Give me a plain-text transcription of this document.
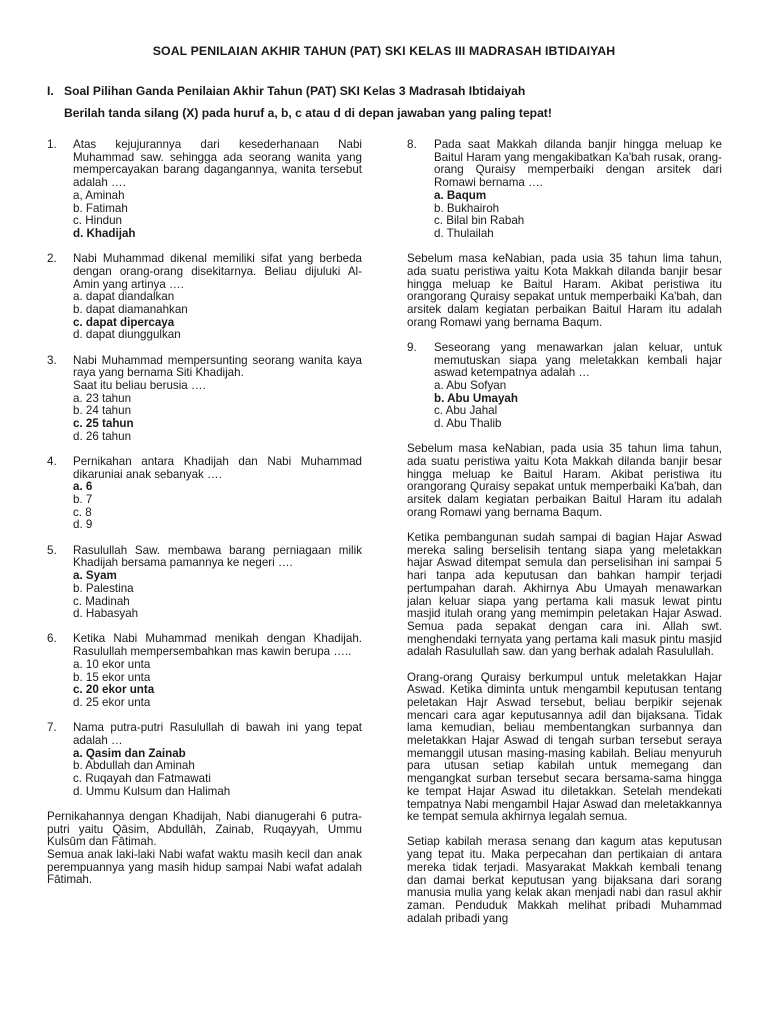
SOAL PENILAIAN AKHIR TAHUN (PAT) SKI KELAS III MADRASAH IBTIDAIYAH
I. Soal Pilihan Ganda Penilaian Akhir Tahun (PAT) SKI Kelas 3 Madrasah Ibtidaiyah
Berilah tanda silang (X) pada huruf a, b, c atau d di depan jawaban yang paling tepat!
1. Atas kejujurannya dari kesederhanaan Nabi Muhammad saw. sehingga ada seorang wanita yang mempercayakan barang dagangannya, wanita tersebut adalah ….
a, Aminah
b. Fatimah
c. Hindun
d. Khadijah
2. Nabi Muhammad dikenal memiliki sifat yang berbeda dengan orang-orang disekitarnya. Beliau dijuluki Al-Amin yang artinya ….
a. dapat diandalkan
b. dapat diamanahkan
c. dapat dipercaya
d. dapat diunggulkan
3. Nabi Muhammad mempersunting seorang wanita kaya raya yang bernama Siti Khadijah.
Saat itu beliau berusia ….
a. 23 tahun
b. 24 tahun
c. 25 tahun
d. 26 tahun
4. Pernikahan antara Khadijah dan Nabi Muhammad dikaruniai anak sebanyak ….
a. 6
b. 7
c. 8
d. 9
5. Rasulullah Saw. membawa barang perniagaan milik Khadijah bersama pamannya ke negeri ….
a. Syam
b. Palestina
c. Madinah
d. Habasyah
6. Ketika Nabi Muhammad menikah dengan Khadijah. Rasulullah mempersembahkan mas kawin berupa …..
a. 10 ekor unta
b. 15 ekor unta
c. 20 ekor unta
d. 25 ekor unta
7. Nama putra-putri Rasulullah di bawah ini yang tepat adalah …
a. Qasim dan Zainab
b. Abdullah dan Aminah
c. Ruqayah dan Fatmawati
d. Ummu Kulsum dan Halimah
Pernikahannya dengan Khadijah, Nabi dianugerahi 6 putra-putri yaitu Qāsim, Abdullāh, Zainab, Ruqayyah, Ummu Kulsūm dan Fātimah.
Semua anak laki-laki Nabi wafat waktu masih kecil dan anak perempuannya yang masih hidup sampai Nabi wafat adalah Fātimah.
8. Pada saat Makkah dilanda banjir hingga meluap ke Baitul Haram yang mengakibatkan Ka'bah rusak, orang-orang Quraisy memperbaiki dengan arsitek dari Romawi bernama ….
a. Baqum
b. Bukhairoh
c. Bilal bin Rabah
d. Thulailah
Sebelum masa keNabian, pada usia 35 tahun lima tahun, ada suatu peristiwa yaitu Kota Makkah dilanda banjir besar hingga meluap ke Baitul Haram. Akibat peristiwa itu orangorang Quraisy sepakat untuk memperbaiki Ka'bah, dan arsitek dalam kegiatan perbaikan Baitul Haram itu adalah orang Romawi yang bernama Baqum.
9. Seseorang yang menawarkan jalan keluar, untuk memutuskan siapa yang meletakkan kembali hajar aswad ketempatnya adalah …
a. Abu Sofyan
b. Abu Umayah
c. Abu Jahal
d. Abu Thalib
Sebelum masa keNabian, pada usia 35 tahun lima tahun, ada suatu peristiwa yaitu Kota Makkah dilanda banjir besar hingga meluap ke Baitul Haram. Akibat peristiwa itu orangorang Quraisy sepakat untuk memperbaiki Ka'bah, dan arsitek dalam kegiatan perbaikan Baitul Haram itu adalah orang Romawi yang bernama Baqum.
Ketika pembangunan sudah sampai di bagian Hajar Aswad mereka saling berselisih tentang siapa yang meletakkan hajar Aswad ditempat semula dan perselisihan ini sampai 5 hari tanpa ada keputusan dan bahkan hampir terjadi pertumpahan darah. Akhirnya Abu Umayah menawarkan jalan keluar siapa yang pertama kali masuk lewat pintu masjid itulah orang yang memimpin peletakan Hajar Aswad. Semua pada sepakat dengan cara ini. Allah swt. menghendaki ternyata yang pertama kali masuk pintu masjid adalah Rasulullah saw. dan yang berhak adalah Rasulullah.
Orang-orang Quraisy berkumpul untuk meletakkan Hajar Aswad. Ketika diminta untuk mengambil keputusan tentang peletakan Hajr Aswad tersebut, beliau berpikir sejenak mencari cara agar keputusannya adil dan bijaksana. Tidak lama kemudian, beliau membentangkan surbannya dan meletakkan Hajar Aswad di tengah surban tersebut seraya memanggil utusan masing-masing kabilah. Beliau menyuruh para utusan setiap kabilah untuk memegang dan mengangkat surban tersebut secara bersama-sama hingga ke tempat Hajar Aswad itu diletakkan. Setelah mendekati tempatnya Nabi mengambil Hajar Aswad dan meletakkannya ke tempat semula akhirnya legalah semua.
Setiap kabilah merasa senang dan kagum atas keputusan yang tepat itu. Maka perpecahan dan pertikaian di antara mereka tidak terjadi. Masyarakat Makkah kembali tenang dan damai berkat keputusan yang bijaksana dari sorang manusia mulia yang kelak akan menjadi nabi dan rasul akhir zaman. Penduduk Makkah melihat pribadi Muhammad adalah pribadi yang
